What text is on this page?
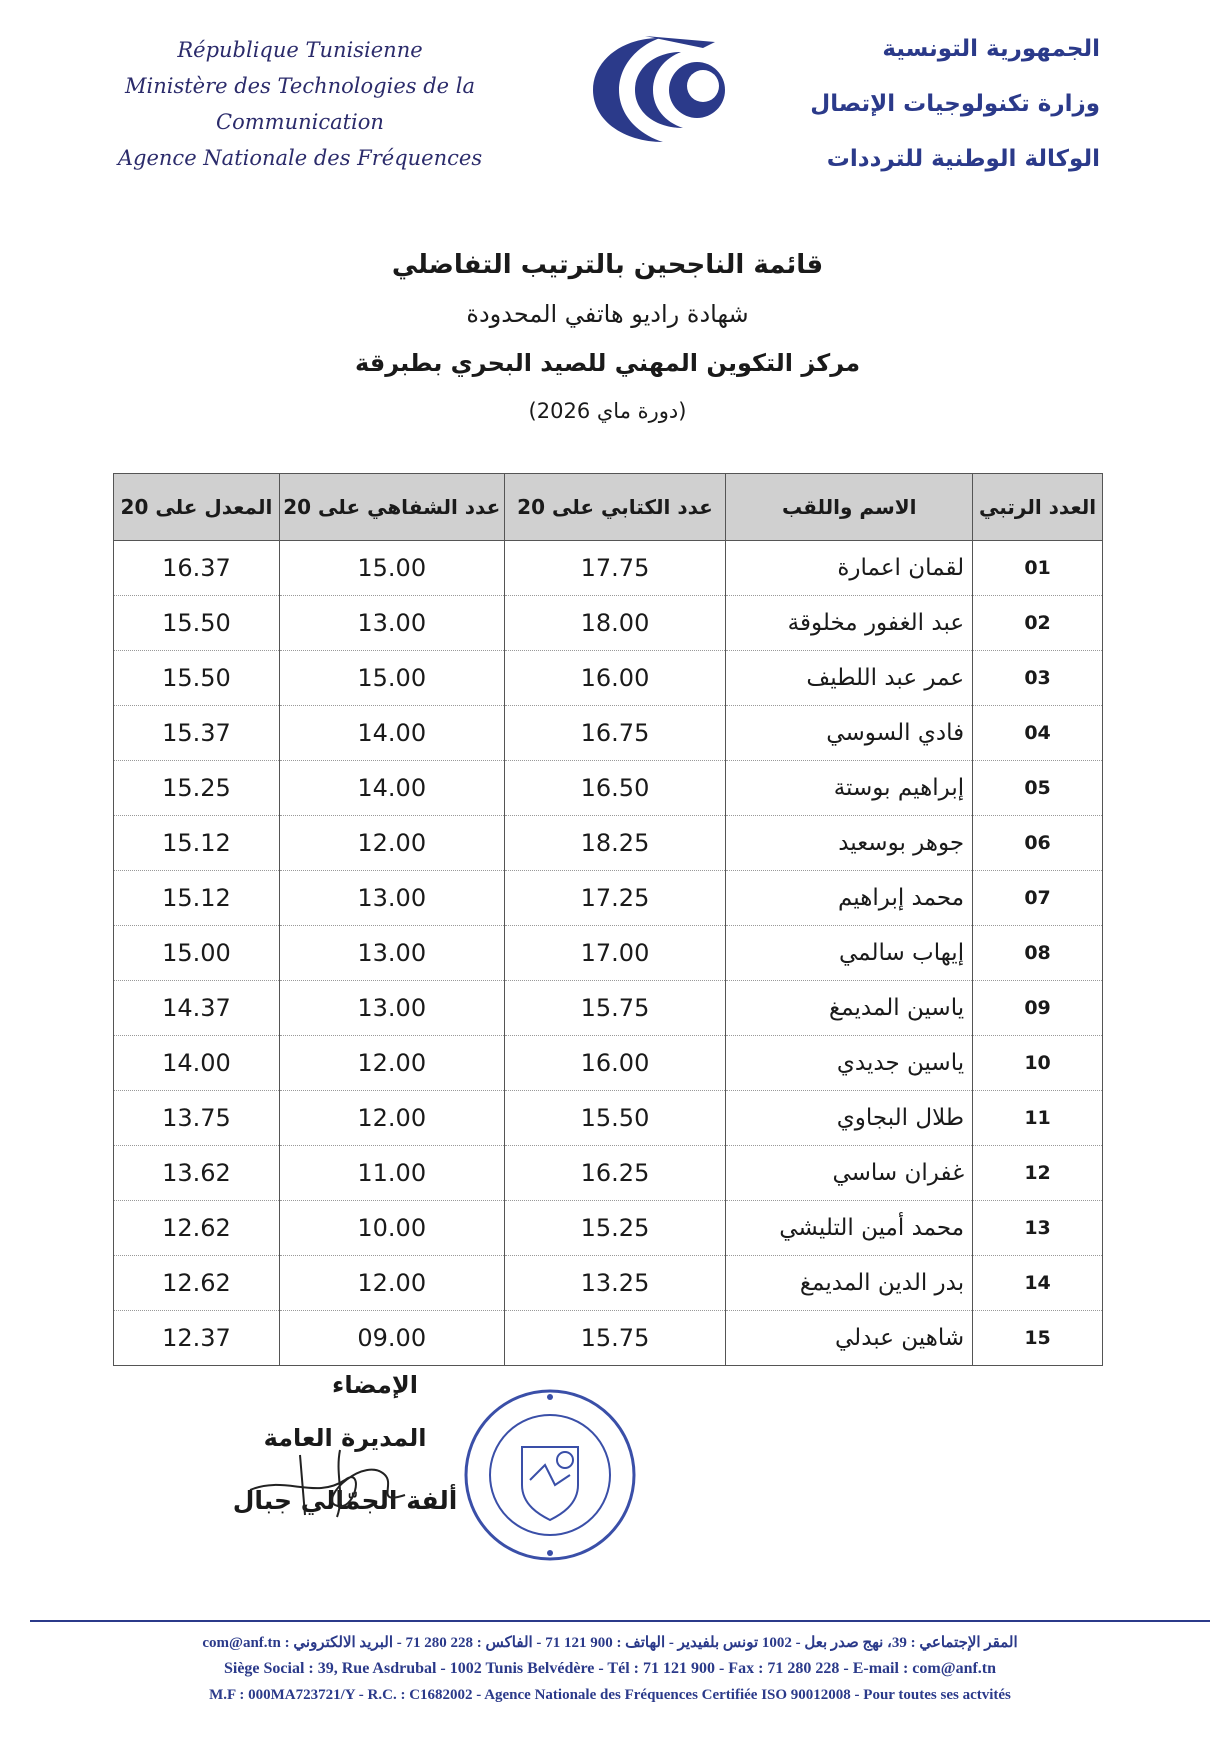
République Tunisienne
Ministère des Technologies de la Communication
Agence Nationale des Fréquences
الجمهورية التونسية
وزارة تكنولوجيات الإتصال
الوكالة الوطنية للترددات
قائمة الناجحين بالترتيب التفاضلي
شهادة راديو هاتفي المحدودة
مركز التكوين المهني للصيد البحري بطبرقة
(دورة ماي 2026)
العدد الرتبي	الاسم واللقب	عدد الكتابي على 20	عدد الشفاهي على 20	المعدل على 20
01	لقمان اعمارة	17.75	15.00	16.37
02	عبد الغفور مخلوقة	18.00	13.00	15.50
03	عمر عبد اللطيف	16.00	15.00	15.50
04	فادي السوسي	16.75	14.00	15.37
05	إبراهيم بوستة	16.50	14.00	15.25
06	جوهر بوسعيد	18.25	12.00	15.12
07	محمد إبراهيم	17.25	13.00	15.12
08	إيهاب سالمي	17.00	13.00	15.00
09	ياسين المديمغ	15.75	13.00	14.37
10	ياسين جديدي	16.00	12.00	14.00
11	طلال البجاوي	15.50	12.00	13.75
12	غفران ساسي	16.25	11.00	13.62
13	محمد أمين التليشي	15.25	10.00	12.62
14	بدر الدين المديمغ	13.25	12.00	12.62
15	شاهين عبدلي	15.75	09.00	12.37
الإمضاء
المديرة العامة
ألفة الجمّالي جبال
المقر الإجتماعي : 39، نهج صدر بعل - 1002 تونس بلفيدير - الهاتف : 900 121 71 - الفاكس : 228 280 71 - البريد الالكتروني : com@anf.tn
Siège Social : 39, Rue Asdrubal - 1002 Tunis Belvédère - Tél : 71 121 900 - Fax : 71 280 228 - E-mail : com@anf.tn
M.F : 000MA723721/Y - R.C. : C1682002 - Agence Nationale des Fréquences Certifiée ISO 90012008 - Pour toutes ses actvités
